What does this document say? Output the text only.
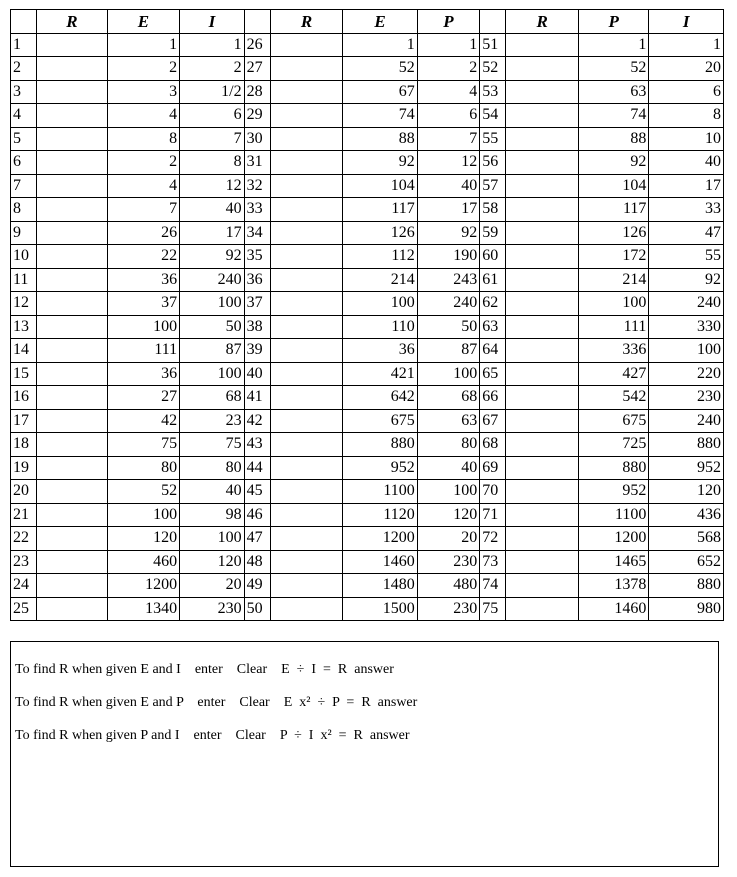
	R	E	I		R	E	P		R	P	I
1		1	1	26		1	1	51		1	1
2		2	2	27		52	2	52		52	20
3		3	1/2	28		67	4	53		63	6
4		4	6	29		74	6	54		74	8
5		8	7	30		88	7	55		88	10
6		2	8	31		92	12	56		92	40
7		4	12	32		104	40	57		104	17
8		7	40	33		117	17	58		117	33
9		26	17	34		126	92	59		126	47
10		22	92	35		112	190	60		172	55
11		36	240	36		214	243	61		214	92
12		37	100	37		100	240	62		100	240
13		100	50	38		110	50	63		111	330
14		111	87	39		36	87	64		336	100
15		36	100	40		421	100	65		427	220
16		27	68	41		642	68	66		542	230
17		42	23	42		675	63	67		675	240
18		75	75	43		880	80	68		725	880
19		80	80	44		952	40	69		880	952
20		52	40	45		1100	100	70		952	120
21		100	98	46		1120	120	71		1100	436
22		120	100	47		1200	20	72		1200	568
23		460	120	48		1460	230	73		1465	652
24		1200	20	49		1480	480	74		1378	880
25		1340	230	50		1500	230	75		1460	980
To find R when given E and I    enter    Clear    E  ÷  I  =  R  answer
To find R when given E and P    enter    Clear    E  x²  ÷  P  =  R  answer
To find R when given P and I    enter    Clear    P  ÷  I  x²  =  R  answer
